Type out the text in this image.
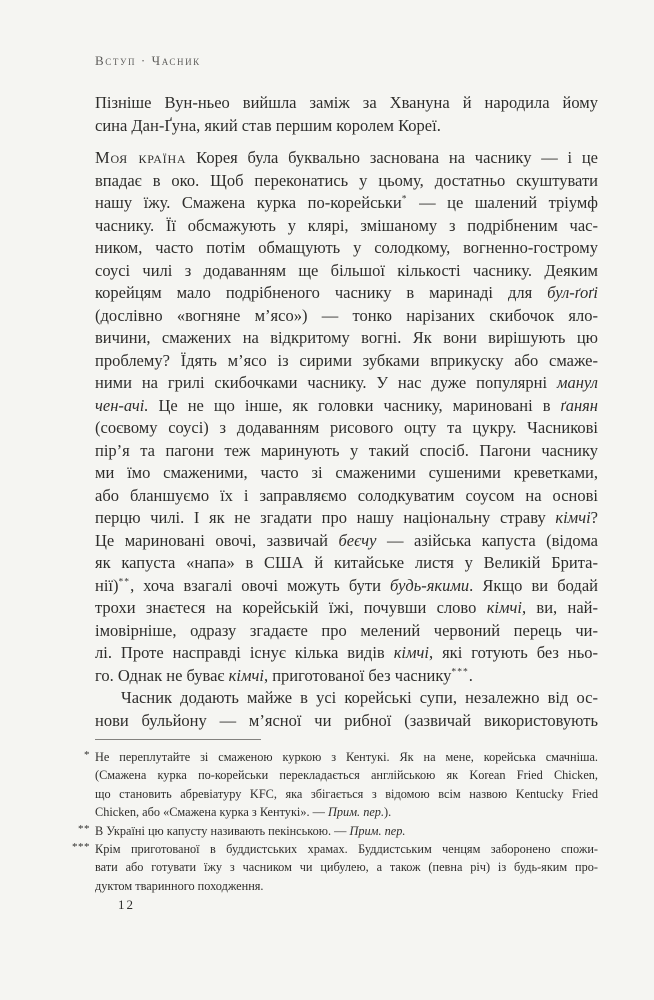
Вступ · Часник
Пізніше Вун-ньео вийшла заміж за Хвануна й народила йому
сина Дан-Ґуна, який став першим королем Кореї.
Моя країна Корея була буквально заснована на часнику — і це
впадає в око. Щоб переконатись у цьому, достатньо скуштувати
нашу їжу. Смажена курка по-корейськи* — це шалений тріумф
часнику. Її обсмажують у клярі, змішаному з подрібненим час-
ником, часто потім обмащують у солодкому, вогненно-гострому
соусі чилі з додаванням ще більшої кількості часнику. Деяким
корейцям мало подрібненого часнику в маринаді для бул-ґоґі
(дослівно «вогняне м’ясо») — тонко нарізаних скибочок яло-
вичини, смажених на відкритому вогні. Як вони вирішують цю
проблему? Їдять м’ясо із сирими зубками вприкуску або смаже-
ними на грилі скибочками часнику. У нас дуже популярні манул
чен-ачі. Це не що інше, як головки часнику, мариновані в ґанян
(соєвому соусі) з додаванням рисового оцту та цукру. Часникові
пір’я та пагони теж маринують у такий спосіб. Пагони часнику
ми їмо смаженими, часто зі смаженими сушеними креветками,
або бланшуємо їх і заправляємо солодкуватим соусом на основі
перцю чилі. І як не згадати про нашу національну страву кімчі?
Це мариновані овочі, зазвичай беєчу — азійська капуста (відома
як капуста «напа» в США й китайське листя у Великій Брита-
нії)**, хоча взагалі овочі можуть бути будь-якими. Якщо ви бодай
трохи знаєтеся на корейській їжі, почувши слово кімчі, ви, най-
імовірніше, одразу згадаєте про мелений червоний перець чи-
лі. Проте насправді існує кілька видів кімчі, які готують без ньо-
го. Однак не буває кімчі, приготованої без часнику***.
Часник додають майже в усі корейські супи, незалежно від ос-
нови бульйону — м’ясної чи рибної (зазвичай використовують
* Не переплутайте зі смаженою куркою з Кентукі. Як на мене, корейська смачніша.
(Смажена курка по-корейськи перекладається англійською як Korean Fried Chicken,
що становить абревіатуру KFC, яка збігається з відомою всім назвою Kentucky Fried
Chicken, або «Смажена курка з Кентукі». — Прим. пер.).
** В Україні цю капусту називають пекінською. — Прим. пер.
*** Крім приготованої в буддистських храмах. Буддистським ченцям заборонено спожи-
вати або готувати їжу з часником чи цибулею, а також (певна річ) із будь-яким про-
дуктом тваринного походження.
12
